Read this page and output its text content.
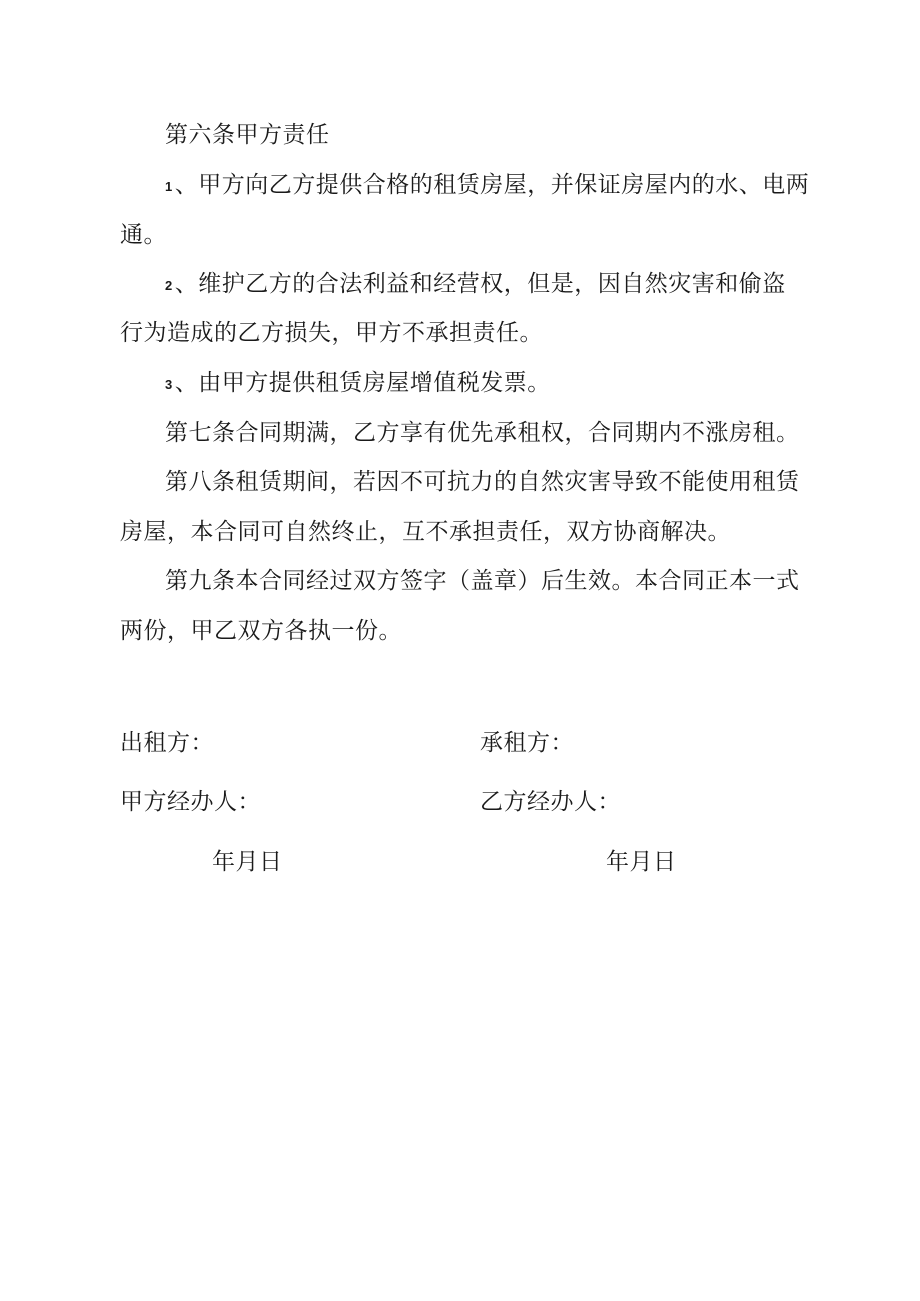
第六条甲方责任
1、甲方向乙方提供合格的租赁房屋，并保证房屋内的水、电两
通。
2、维护乙方的合法利益和经营权，但是，因自然灾害和偷盗
行为造成的乙方损失，甲方不承担责任。
3、由甲方提供租赁房屋增值税发票。
第七条合同期满，乙方享有优先承租权，合同期内不涨房租。
第八条租赁期间，若因不可抗力的自然灾害导致不能使用租赁
房屋，本合同可自然终止，互不承担责任，双方协商解决。
第九条本合同经过双方签字（盖章）后生效。本合同正本一式
两份，甲乙双方各执一份。
出租方：	承租方：
甲方经办人：	乙方经办人：
年月日	年月日
